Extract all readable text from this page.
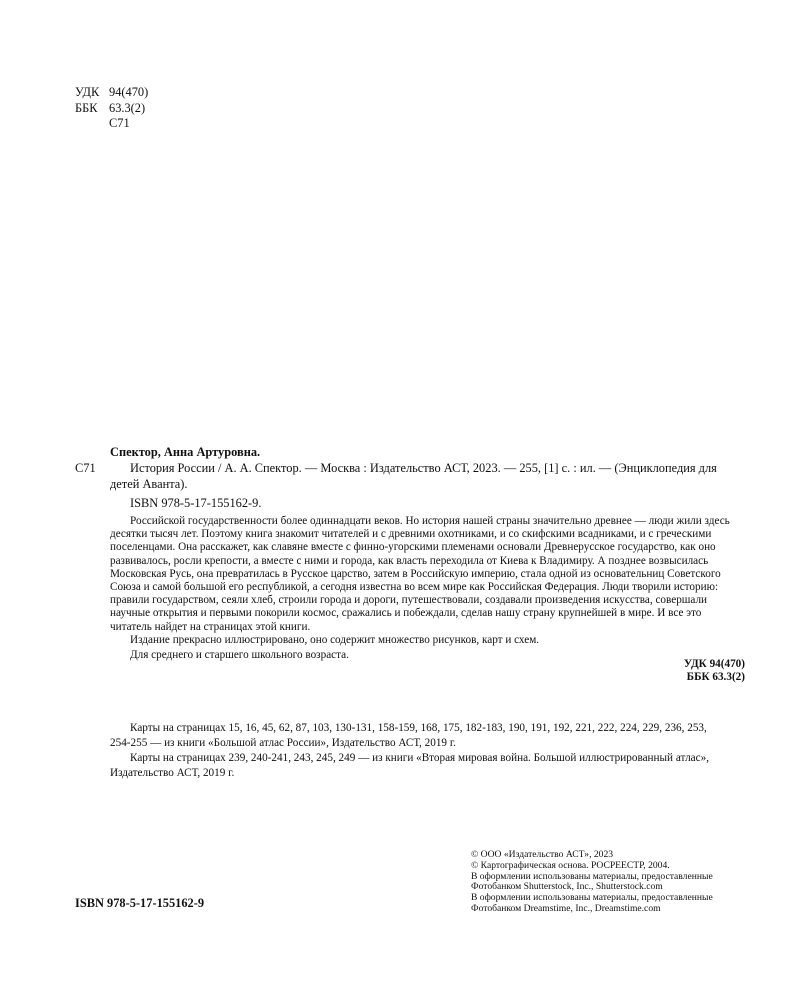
УДК 94(470)
ББК 63.3(2)
С71
Спектор, Анна Артуровна.
С71	История России / А. А. Спектор. — Москва : Издательство АСТ, 2023. — 255, [1] с. : ил. — (Энциклопедия для
детей Аванта).
ISBN 978-5-17-155162-9.

Российской государственности более одиннадцати веков. Но история нашей страны значительно древнее — люди жили здесь

десятки тысяч лет. Поэтому книга знакомит читателей и с древними охотниками, и со скифскими всадниками, и с греческими

поселенцами. Она расскажет, как славяне вместе с финно-угорскими племенами основали Древнерусское государство, как оно

развивалось, росли крепости, а вместе с ними и города, как власть переходила от Киева к Владимиру. А позднее возвысилась

Московская Русь, она превратилась в Русское царство, затем в Российскую империю, стала одной из основательниц Советского

Союза и самой большой его республикой, а сегодня известна во всем мире как Российская Федерация. Люди творили историю:

правили государством, сеяли хлеб, строили города и дороги, путешествовали, создавали произведения искусства, совершали

научные открытия и первыми покорили космос, сражались и побеждали, сделав нашу страну крупнейшей в мире. И все это

читатель найдет на страницах этой книги.

Издание прекрасно иллюстрировано, оно содержит множество рисунков, карт и схем.
Для среднего и старшего школьного возраста.
УДК 94(470)
ББК 63.3(2)
Карты на страницах 15, 16, 45, 62, 87, 103, 130-131, 158-159, 168, 175, 182-183, 190, 191, 192, 221, 222, 224, 229, 236, 253,
254-255 — из книги «Большой атлас России», Издательство АСТ, 2019 г.
Карты на страницах 239, 240-241, 243, 245, 249 — из книги «Вторая мировая война. Большой иллюстрированный атлас»,
Издательство АСТ, 2019 г.
© ООО «Издательство АСТ», 2023
© Картографическая основа. РОСРЕЕСТР, 2004.
В оформлении использованы материалы, предоставленные
Фотобанком Shutterstock, Inc., Shutterstock.com
В оформлении использованы материалы, предоставленные
Фотобанком Dreamstime, Inc., Dreamstime.com
ISBN 978-5-17-155162-9
